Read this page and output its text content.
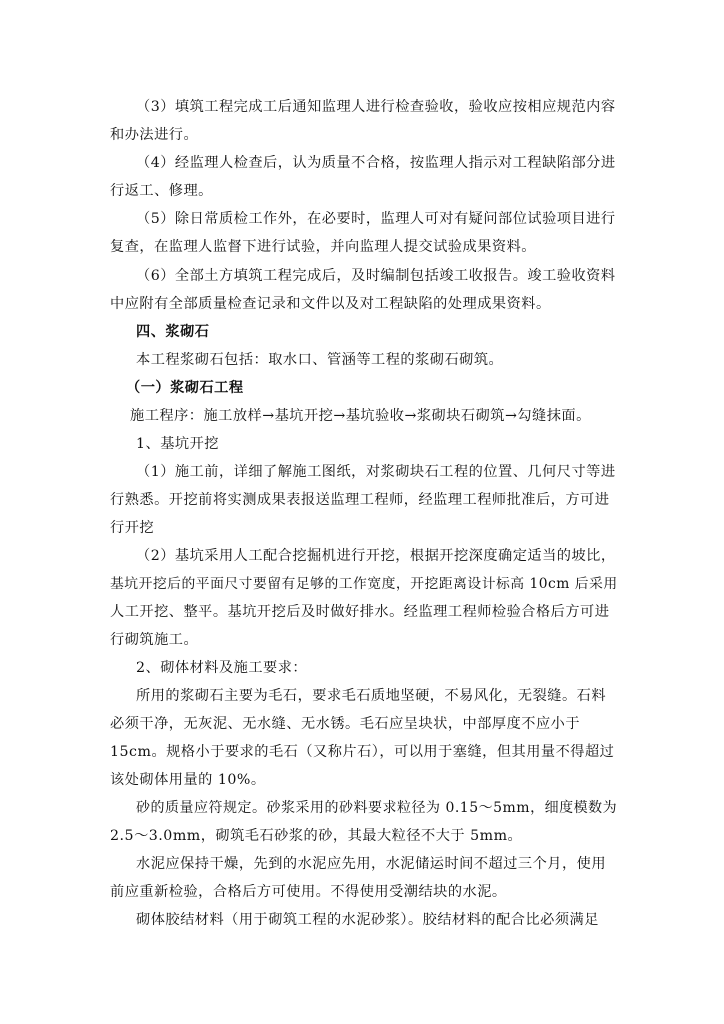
（3）填筑工程完成工后通知监理人进行检查验收，验收应按相应规范内容
和办法进行。
（4）经监理人检查后，认为质量不合格，按监理人指示对工程缺陷部分进
行返工、修理。
（5）除日常质检工作外，在必要时，监理人可对有疑问部位试验项目进行
复查，在监理人监督下进行试验，并向监理人提交试验成果资料。
（6）全部土方填筑工程完成后，及时编制包括竣工收报告。竣工验收资料
中应附有全部质量检查记录和文件以及对工程缺陷的处理成果资料。
四、浆砌石
本工程浆砌石包括：取水口、管涵等工程的浆砌石砌筑。
（一）浆砌石工程
施工程序：施工放样→基坑开挖→基坑验收→浆砌块石砌筑→勾缝抹面。
1、基坑开挖
（1）施工前，详细了解施工图纸，对浆砌块石工程的位置、几何尺寸等进
行熟悉。开挖前将实测成果表报送监理工程师，经监理工程师批准后，方可进
行开挖
（2）基坑采用人工配合挖掘机进行开挖，根据开挖深度确定适当的坡比，
基坑开挖后的平面尺寸要留有足够的工作宽度，开挖距离设计标高 10cm 后采用
人工开挖、整平。基坑开挖后及时做好排水。经监理工程师检验合格后方可进
行砌筑施工。
2、砌体材料及施工要求：
所用的浆砌石主要为毛石，要求毛石质地坚硬，不易风化，无裂缝。石料
必须干净，无灰泥、无水缝、无水锈。毛石应呈块状，中部厚度不应小于
15cm。规格小于要求的毛石（又称片石），可以用于塞缝，但其用量不得超过
该处砌体用量的 10%。
砂的质量应符规定。砂浆采用的砂料要求粒径为 0.15～5mm，细度模数为
2.5～3.0mm，砌筑毛石砂浆的砂，其最大粒径不大于 5mm。
水泥应保持干燥，先到的水泥应先用，水泥储运时间不超过三个月，使用
前应重新检验，合格后方可使用。不得使用受潮结块的水泥。
砌体胶结材料（用于砌筑工程的水泥砂浆）。胶结材料的配合比必须满足
